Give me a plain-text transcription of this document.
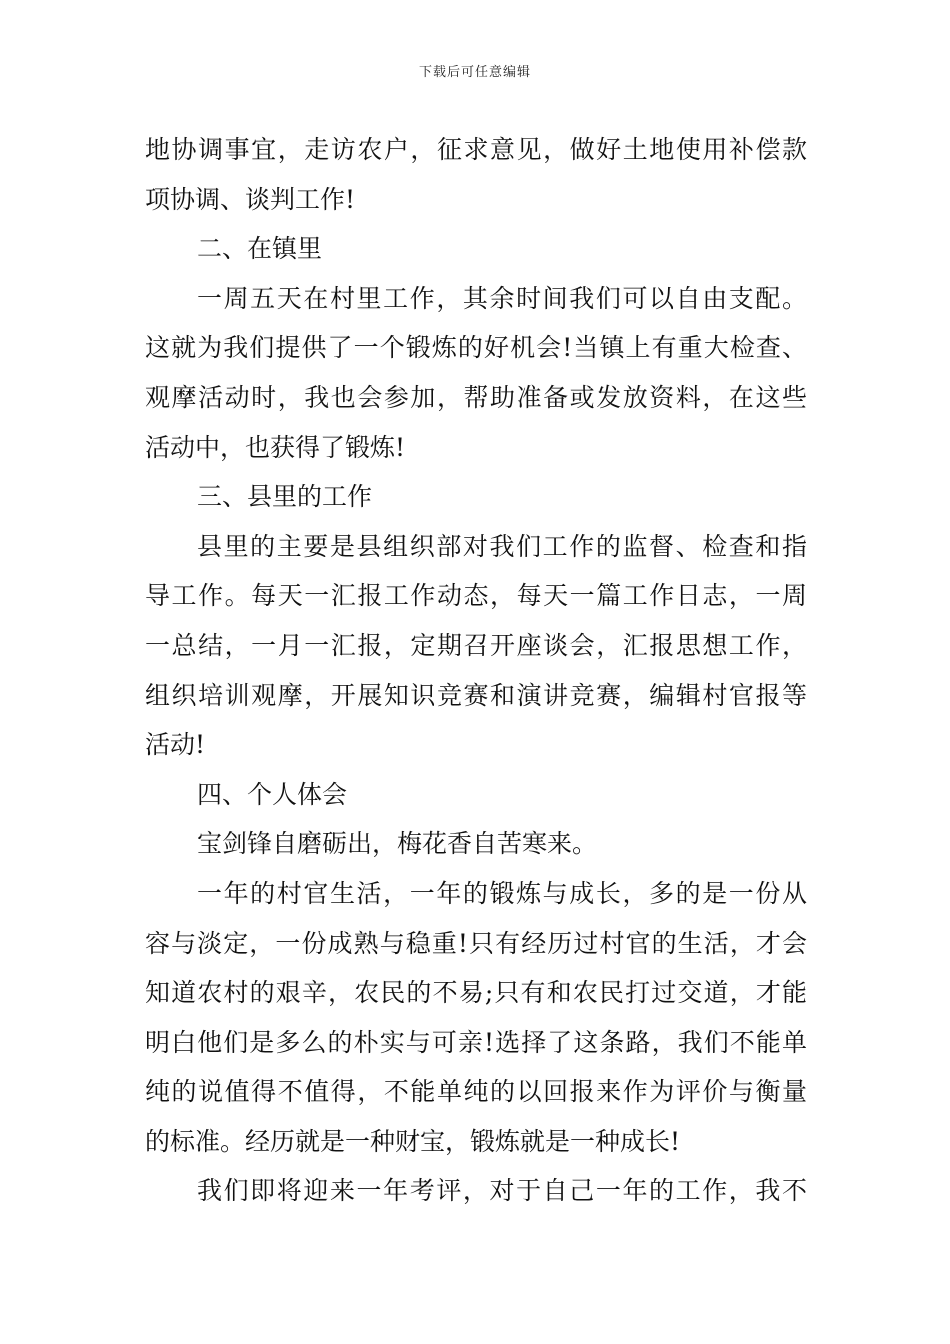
下载后可任意编辑
地协调事宜，走访农户，征求意见，做好土地使用补偿款
项协调、谈判工作!
二、在镇里
一周五天在村里工作，其余时间我们可以自由支配。
这就为我们提供了一个锻炼的好机会!当镇上有重大检查、
观摩活动时，我也会参加，帮助准备或发放资料，在这些
活动中，也获得了锻炼!
三、县里的工作
县里的主要是县组织部对我们工作的监督、检查和指
导工作。每天一汇报工作动态，每天一篇工作日志，一周
一总结，一月一汇报，定期召开座谈会，汇报思想工作，
组织培训观摩，开展知识竞赛和演讲竞赛，编辑村官报等
活动!
四、个人体会
宝剑锋自磨砺出，梅花香自苦寒来。
一年的村官生活，一年的锻炼与成长，多的是一份从
容与淡定，一份成熟与稳重!只有经历过村官的生活，才会
知道农村的艰辛，农民的不易;只有和农民打过交道，才能
明白他们是多么的朴实与可亲!选择了这条路，我们不能单
纯的说值得不值得，不能单纯的以回报来作为评价与衡量
的标准。经历就是一种财宝，锻炼就是一种成长!
我们即将迎来一年考评，对于自己一年的工作，我不
